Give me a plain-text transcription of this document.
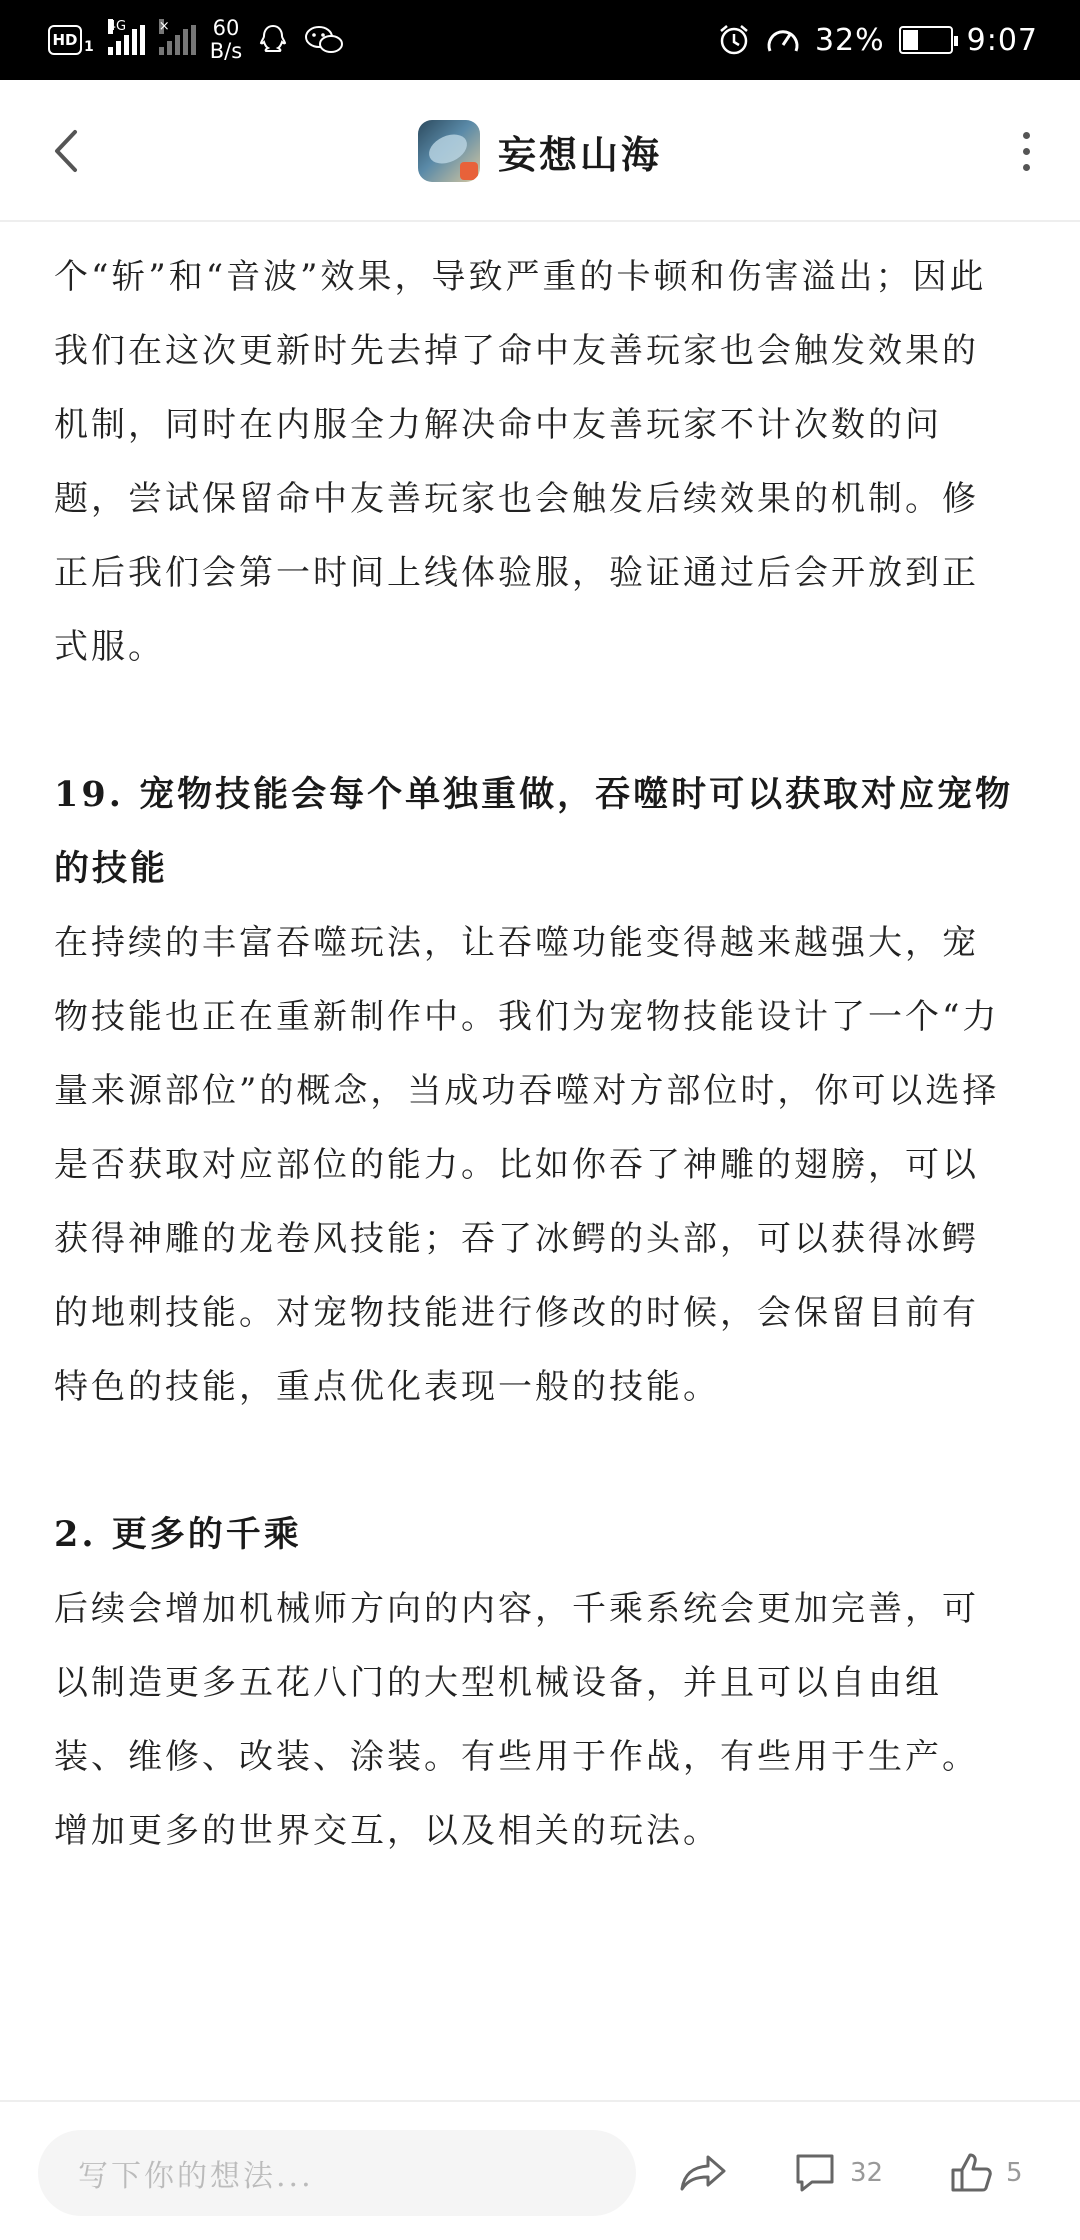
HD 1
4G	× 60
B/s	32%	9:07
妄想山海

个“斩”和“音波”效果，导致严重的卡顿和伤害溢出；因此我们在这次更新时先去掉了命中友善玩家也会触发效果的机制，同时在内服全力解决命中友善玩家不计次数的问题，尝试保留命中友善玩家也会触发后续效果的机制。修正后我们会第一时间上线体验服，验证通过后会开放到正式服。

19. 宠物技能会每个单独重做，吞噬时可以获取对应宠物的技能

在持续的丰富吞噬玩法，让吞噬功能变得越来越强大，宠物技能也正在重新制作中。我们为宠物技能设计了一个“力量来源部位”的概念，当成功吞噬对方部位时，你可以选择是否获取对应部位的能力。比如你吞了神雕的翅膀，可以获得神雕的龙卷风技能；吞了冰鳄的头部，可以获得冰鳄的地刺技能。对宠物技能进行修改的时候，会保留目前有特色的技能，重点优化表现一般的技能。

2. 更多的千乘

后续会增加机械师方向的内容，千乘系统会更加完善，可以制造更多五花八门的大型机械设备，并且可以自由组装、维修、改装、涂装。有些用于作战，有些用于生产。增加更多的世界交互，以及相关的玩法。

写下你的想法...	32	5
